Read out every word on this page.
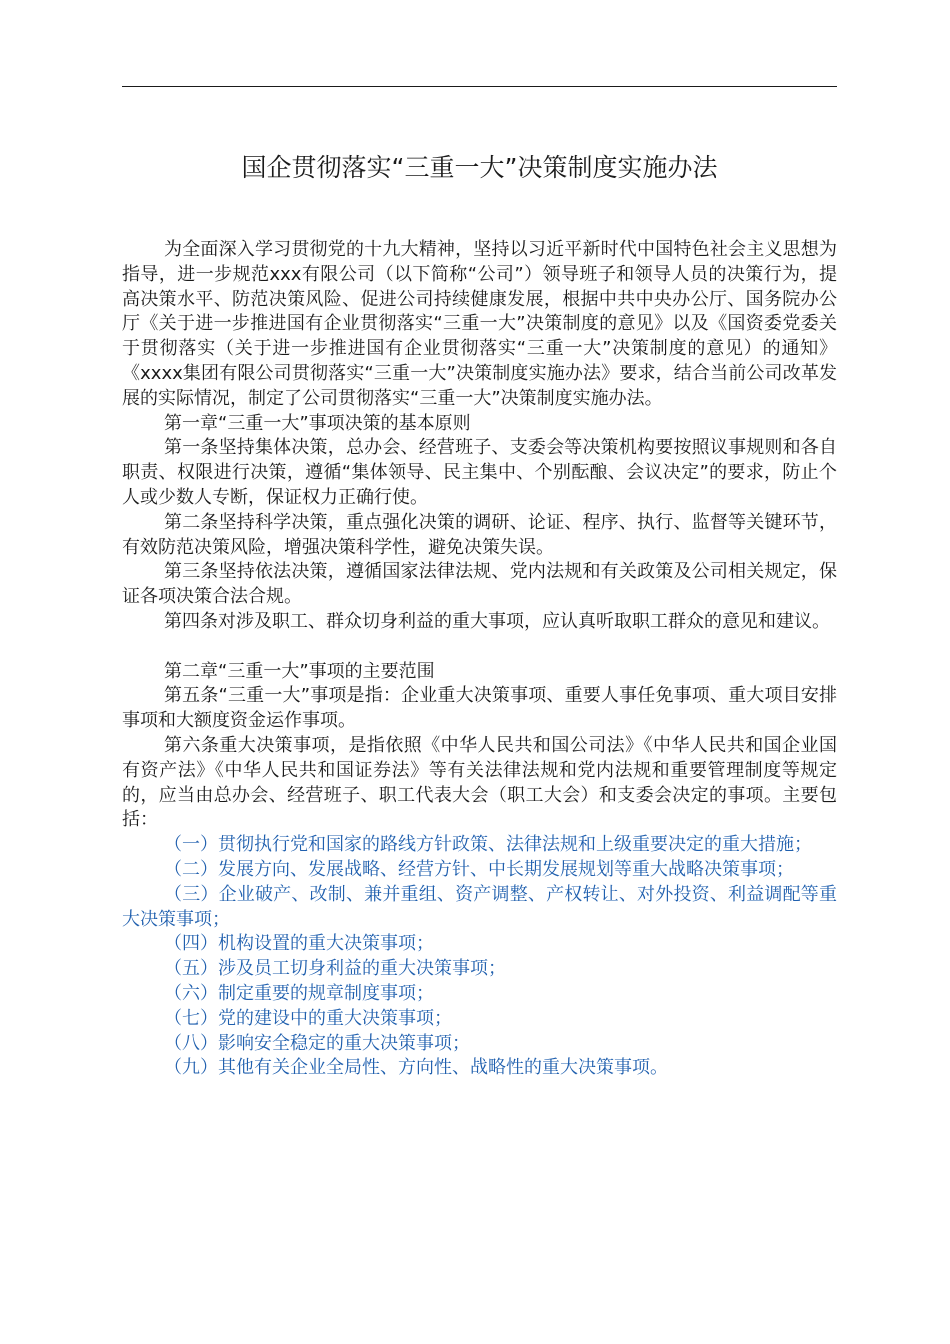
国企贯彻落实“三重一大”决策制度实施办法

为全面深入学习贯彻党的十九大精神，坚持以习近平新时代中国特色社会主义思想为指导，进一步规范xxx有限公司（以下简称“公司”）领导班子和领导人员的决策行为，提高决策水平、防范决策风险、促进公司持续健康发展，根据中共中央办公厅、国务院办公厅《关于进一步推进国有企业贯彻落实“三重一大”决策制度的意见》以及《国资委党委关于贯彻落实（关于进一步推进国有企业贯彻落实“三重一大”决策制度的意见）的通知》《xxxx集团有限公司贯彻落实“三重一大”决策制度实施办法》要求，结合当前公司改革发展的实际情况，制定了公司贯彻落实“三重一大”决策制度实施办法。

第一章“三重一大”事项决策的基本原则

第一条坚持集体决策，总办会、经营班子、支委会等决策机构要按照议事规则和各自职责、权限进行决策，遵循“集体领导、民主集中、个别酝酿、会议决定”的要求，防止个人或少数人专断，保证权力正确行使。

第二条坚持科学决策，重点强化决策的调研、论证、程序、执行、监督等关键环节，有效防范决策风险，增强决策科学性，避免决策失误。

第三条坚持依法决策，遵循国家法律法规、党内法规和有关政策及公司相关规定，保证各项决策合法合规。

第四条对涉及职工、群众切身利益的重大事项，应认真听取职工群众的意见和建议。

第二章“三重一大”事项的主要范围

第五条“三重一大”事项是指：企业重大决策事项、重要人事任免事项、重大项目安排事项和大额度资金运作事项。

第六条重大决策事项，是指依照《中华人民共和国公司法》《中华人民共和国企业国有资产法》《中华人民共和国证券法》等有关法律法规和党内法规和重要管理制度等规定的，应当由总办会、经营班子、职工代表大会（职工大会）和支委会决定的事项。主要包括：

（一）贯彻执行党和国家的路线方针政策、法律法规和上级重要决定的重大措施；

（二）发展方向、发展战略、经营方针、中长期发展规划等重大战略决策事项；

（三）企业破产、改制、兼并重组、资产调整、产权转让、对外投资、利益调配等重大决策事项；

（四）机构设置的重大决策事项；

（五）涉及员工切身利益的重大决策事项；

（六）制定重要的规章制度事项；

（七）党的建设中的重大决策事项；

（八）影响安全稳定的重大决策事项；

（九）其他有关企业全局性、方向性、战略性的重大决策事项。
